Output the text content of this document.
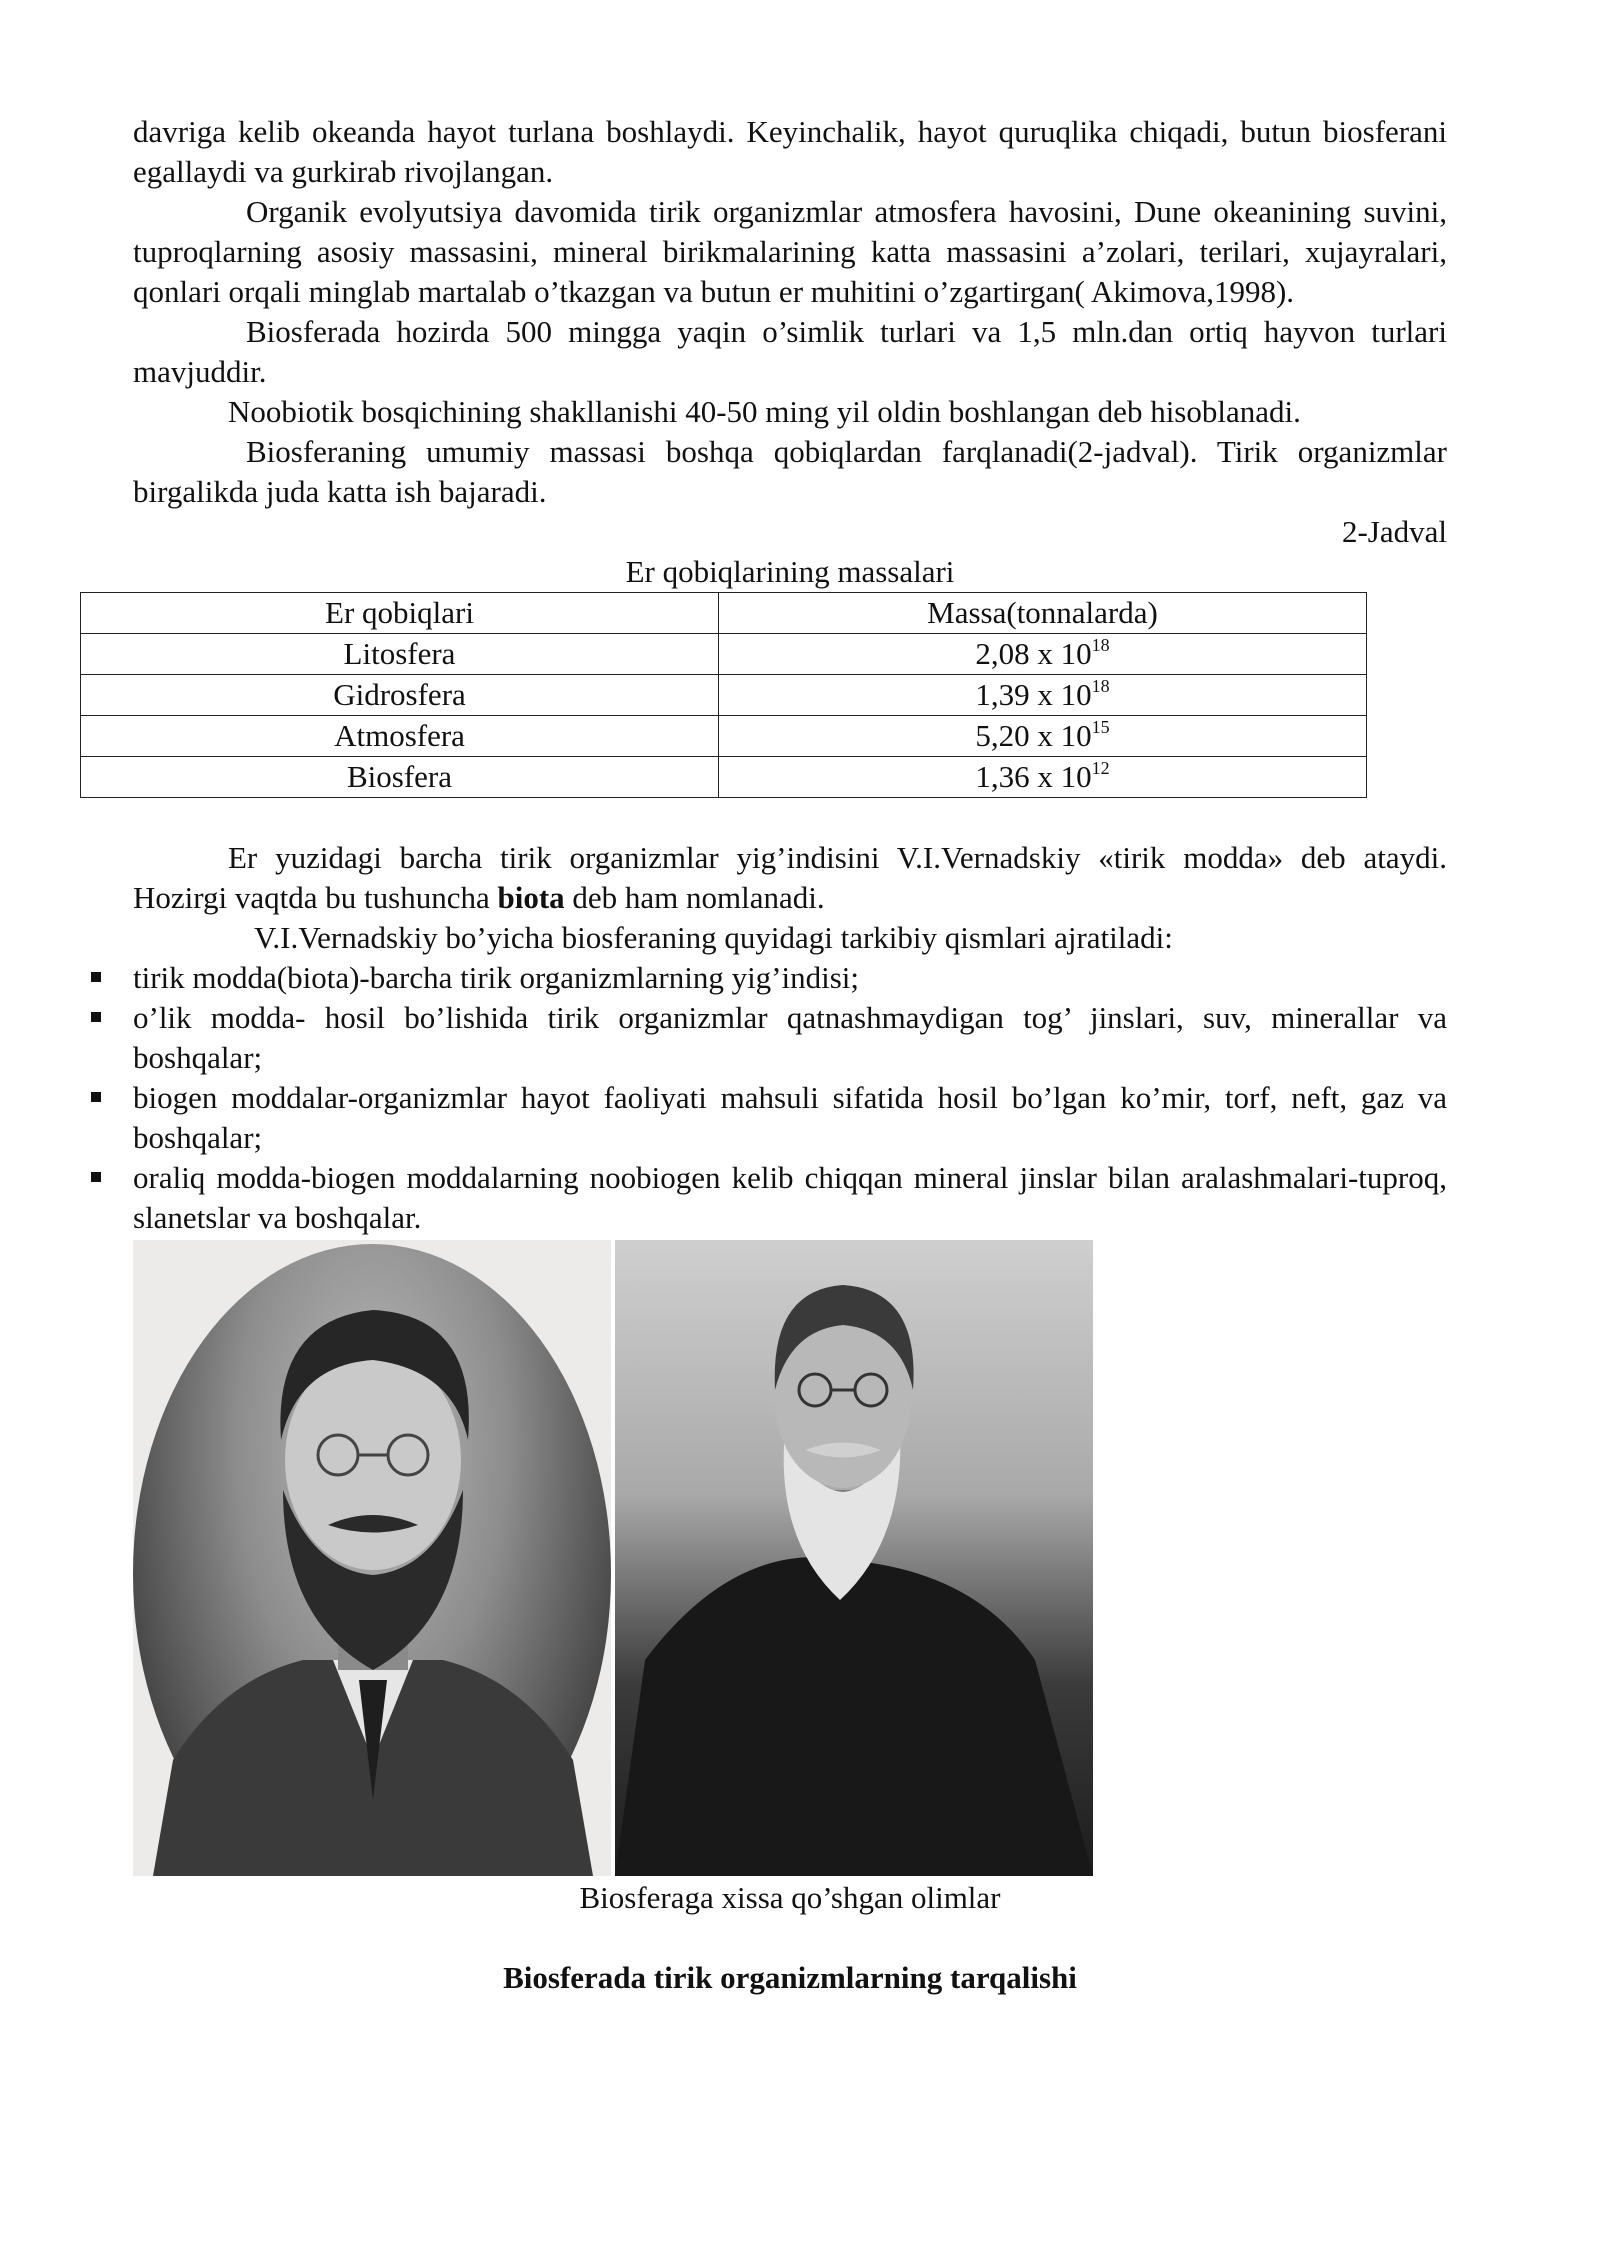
davriga kelib okeanda hayot turlana boshlaydi. Keyinchalik, hayot quruqlika chiqadi, butun biosferani egallaydi va gurkirab rivojlangan.

Organik evolyutsiya davomida tirik organizmlar atmosfera havosini, Dune okeanining suvini, tuproqlarning asosiy massasini, mineral birikmalarining katta massasini a’zolari, terilari, xujayralari, qonlari orqali minglab martalab o’tkazgan va butun er muhitini o’zgartirgan( Akimova,1998).

Biosferada hozirda 500 mingga yaqin o’simlik turlari va 1,5 mln.dan ortiq hayvon turlari mavjuddir.

Noobiotik bosqichining shakllanishi 40-50 ming yil oldin boshlangan deb hisoblanadi.

Biosferaning umumiy massasi boshqa qobiqlardan farqlanadi(2-jadval). Tirik organizmlar birgalikda juda katta ish bajaradi.

2-Jadval

Er qobiqlarining massalari

Er qobiqlari	Massa(tonnalarda)
Litosfera	2,08 x $10^{18}$
Gidrosfera	1,39 x $10^{18}$
Atmosfera	5,20 x $10^{15}$
Biosfera	1,36 x $10^{12}$

Er yuzidagi barcha tirik organizmlar yig’indisini V.I.Vernadskiy «tirik modda» deb ataydi. Hozirgi vaqtda bu tushuncha biota deb ham nomlanadi.

V.I.Vernadskiy bo’yicha biosferaning quyidagi tarkibiy qismlari ajratiladi:

tirik modda(biota)-barcha tirik organizmlarning yig’indisi;
o’lik modda- hosil bo’lishida tirik organizmlar qatnashmaydigan tog’ jinslari, suv, minerallar va boshqalar;
biogen moddalar-organizmlar hayot faoliyati mahsuli sifatida hosil bo’lgan ko’mir, torf, neft, gaz va boshqalar;
oraliq modda-biogen moddalarning noobiogen kelib chiqqan mineral jinslar bilan aralashmalari-tuproq, slanetslar va boshqalar.

Biosferaga xissa qo’shgan olimlar

Biosferada tirik organizmlarning tarqalishi
